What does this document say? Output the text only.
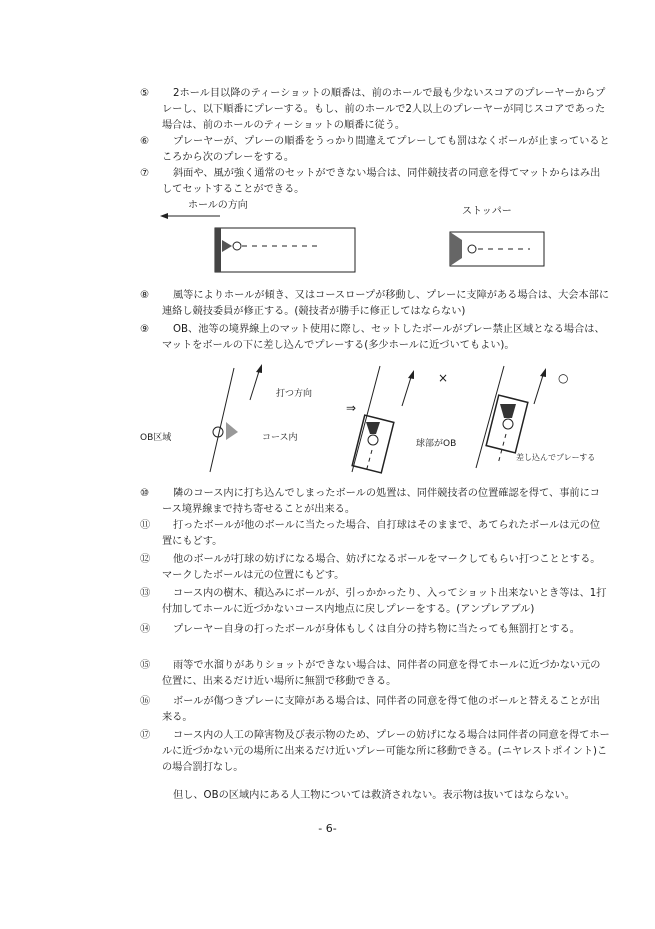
⑤	2ホール目以降のティーショットの順番は、前のホールで最も少ないスコアのプレーヤーからプレーし、以下順番にプレーする。もし、前のホールで2人以上のプレーヤーが同じスコアであった場合は、前のホールのティーショットの順番に従う。
⑥	プレーヤーが、プレーの順番をうっかり間違えてプレーしても罰はなくボールが止まっているところから次のプレーをする。
⑦	斜面や、風が強く通常のセットができない場合は、同伴競技者の同意を得てマットからはみ出してセットすることができる。
ホールの方向
ストッパー
⑧	風等によりホールが傾き、又はコースロープが移動し、プレーに支障がある場合は、大会本部に連絡し競技委員が修正する。(競技者が勝手に修正してはならない)
⑨	OB、池等の境界線上のマット使用に際し、セットしたボールがプレー禁止区域となる場合は、マットをボールの下に差し込んでプレーする(多少ホールに近づいてもよい)。
打つ方向
OB区域	コース内
×
⇒
球部がOB
○
差し込んでプレーする
⑩	隣のコース内に打ち込んでしまったボールの処置は、同伴競技者の位置確認を得て、事前にコース境界線まで持ち寄せることが出来る。
⑪	打ったボールが他のボールに当たった場合、自打球はそのままで、あてられたボールは元の位置にもどす。
⑫	他のボールが打球の妨げになる場合、妨げになるボールをマークしてもらい打つこととする。マークしたボールは元の位置にもどす。
⑬	コース内の樹木、積込みにボールが、引っかかったり、入ってショット出来ないとき等は、1打付加してホールに近づかないコース内地点に戻しプレーをする。(アンプレアブル)
⑭	プレーヤー自身の打ったボールが身体もしくは自分の持ち物に当たっても無罰打とする。
⑮	雨等で水溜りがありショットができない場合は、同伴者の同意を得てホールに近づかない元の位置に、出来るだけ近い場所に無罰で移動できる。
⑯	ボールが傷つきプレーに支障がある場合は、同伴者の同意を得て他のボールと替えることが出来る。
⑰	コース内の人工の障害物及び表示物のため、プレーの妨げになる場合は同伴者の同意を得てホールに近づかない元の場所に出来るだけ近いプレー可能な所に移動できる。(ニヤレストポイント)この場合罰打なし。
但し、OBの区域内にある人工物については救済されない。表示物は抜いてはならない。
- 6-
